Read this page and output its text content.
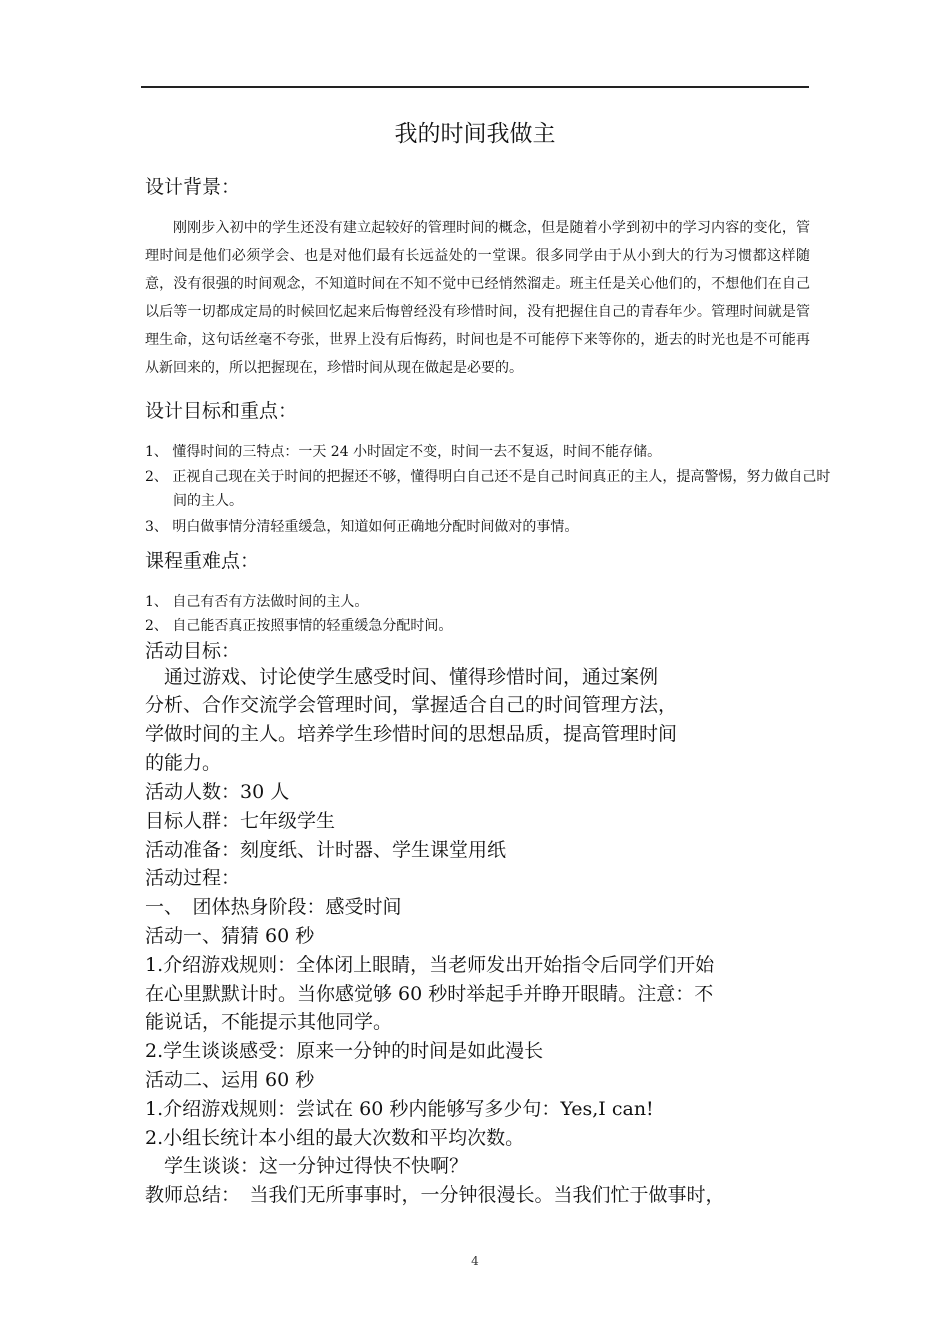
我的时间我做主
设计背景：
刚刚步入初中的学生还没有建立起较好的管理时间的概念，但是随着小学到初中的学习内容的变化，管理时间是他们必须学会、也是对他们最有长远益处的一堂课。很多同学由于从小到大的行为习惯都这样随意，没有很强的时间观念，不知道时间在不知不觉中已经悄然溜走。班主任是关心他们的，不想他们在自己以后等一切都成定局的时候回忆起来后悔曾经没有珍惜时间，没有把握住自己的青春年少。管理时间就是管理生命，这句话丝毫不夸张，世界上没有后悔药，时间也是不可能停下来等你的，逝去的时光也是不可能再从新回来的，所以把握现在，珍惜时间从现在做起是必要的。
设计目标和重点：
1、 懂得时间的三特点：一天 24 小时固定不变，时间一去不复返，时间不能存储。
2、 正视自己现在关于时间的把握还不够，懂得明白自己还不是自己时间真正的主人，提高警惕，努力做自己时间的主人。
3、 明白做事情分清轻重缓急，知道如何正确地分配时间做对的事情。
课程重难点：
1、 自己有否有方法做时间的主人。
2、 自己能否真正按照事情的轻重缓急分配时间。
活动目标：
　通过游戏、讨论使学生感受时间、懂得珍惜时间，通过案例
分析、合作交流学会管理时间，掌握适合自己的时间管理方法，
学做时间的主人。培养学生珍惜时间的思想品质，提高管理时间
的能力。
活动人数：30 人
目标人群：七年级学生
活动准备：刻度纸、计时器、学生课堂用纸
活动过程：
一、　团体热身阶段：感受时间
活动一、猜猜 60 秒
1.介绍游戏规则：全体闭上眼睛，当老师发出开始指令后同学们开始
在心里默默计时。当你感觉够 60 秒时举起手并睁开眼睛。注意：不
能说话，不能提示其他同学。
2.学生谈谈感受：原来一分钟的时间是如此漫长
活动二、运用 60 秒
1.介绍游戏规则：尝试在 60 秒内能够写多少句：Yes,I can!
2.小组长统计本小组的最大次数和平均次数。
　学生谈谈：这一分钟过得快不快啊？
教师总结：　当我们无所事事时，一分钟很漫长。当我们忙于做事时，
4
